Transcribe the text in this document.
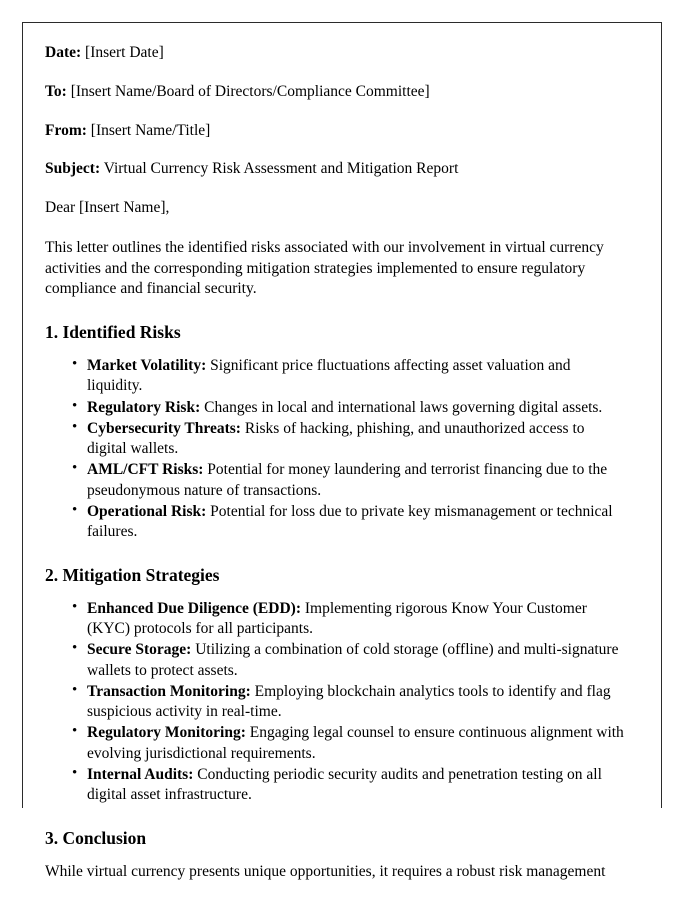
Date: [Insert Date]

To: [Insert Name/Board of Directors/Compliance Committee]

From: [Insert Name/Title]

Subject: Virtual Currency Risk Assessment and Mitigation Report

Dear [Insert Name],

This letter outlines the identified risks associated with our involvement in virtual currency activities and the corresponding mitigation strategies implemented to ensure regulatory compliance and financial security.

1. Identified Risks
• Market Volatility: Significant price fluctuations affecting asset valuation and liquidity.
• Regulatory Risk: Changes in local and international laws governing digital assets.
• Cybersecurity Threats: Risks of hacking, phishing, and unauthorized access to digital wallets.
• AML/CFT Risks: Potential for money laundering and terrorist financing due to the pseudonymous nature of transactions.
• Operational Risk: Potential for loss due to private key mismanagement or technical failures.
2. Mitigation Strategies
• Enhanced Due Diligence (EDD): Implementing rigorous Know Your Customer (KYC) protocols for all participants.
• Secure Storage: Utilizing a combination of cold storage (offline) and multi-signature wallets to protect assets.
• Transaction Monitoring: Employing blockchain analytics tools to identify and flag suspicious activity in real-time.
• Regulatory Monitoring: Engaging legal counsel to ensure continuous alignment with evolving jurisdictional requirements.
• Internal Audits: Conducting periodic security audits and penetration testing on all digital asset infrastructure.
3. Conclusion

While virtual currency presents unique opportunities, it requires a robust risk management
